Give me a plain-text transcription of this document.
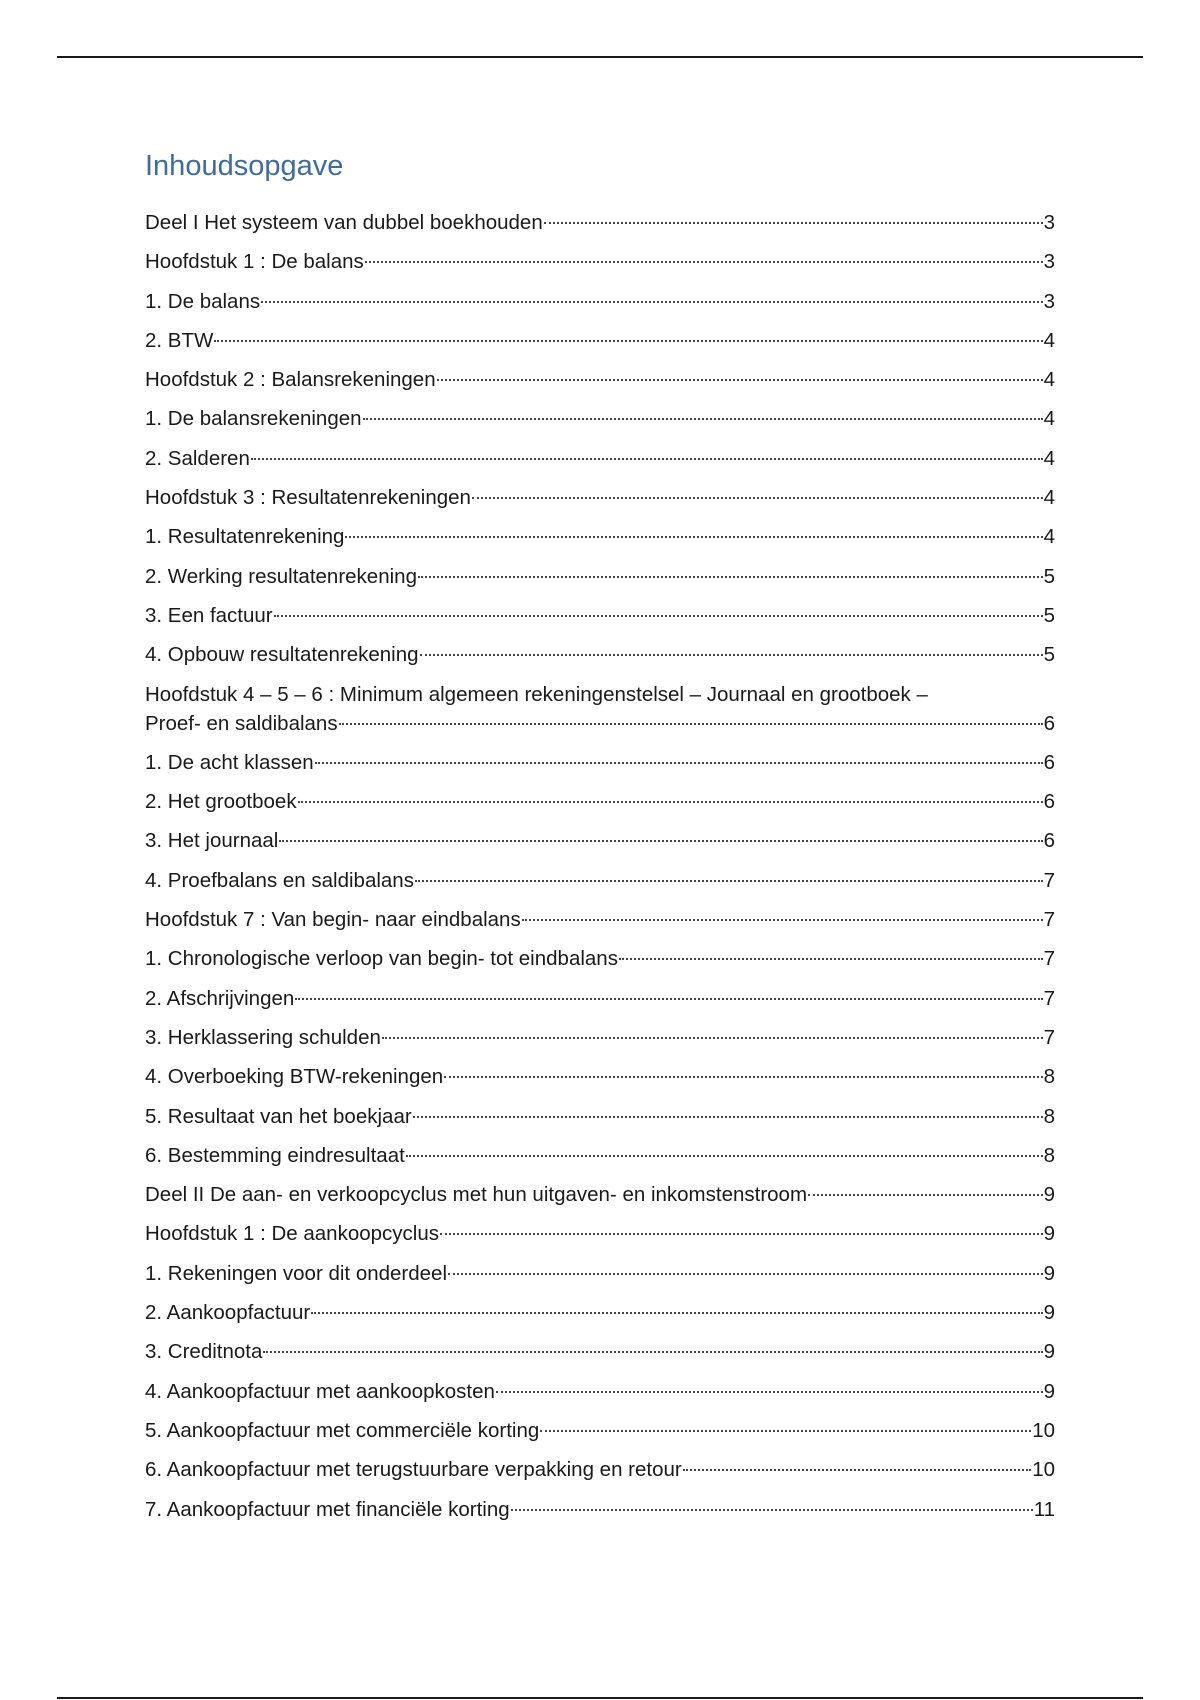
Inhoudsopgave
Deel I Het systeem van dubbel boekhouden	3
Hoofdstuk 1 : De balans	3
1. De balans	3
2. BTW	4
Hoofdstuk 2 : Balansrekeningen	4
1. De balansrekeningen	4
2. Salderen	4
Hoofdstuk 3 : Resultatenrekeningen	4
1. Resultatenrekening	4
2. Werking resultatenrekening	5
3. Een factuur	5
4. Opbouw resultatenrekening	5
Hoofdstuk 4 – 5 – 6 : Minimum algemeen rekeningenstelsel – Journaal en grootboek –
Proef- en saldibalans	6
1. De acht klassen	6
2. Het grootboek	6
3. Het journaal	6
4. Proefbalans en saldibalans	7
Hoofdstuk 7 : Van begin- naar eindbalans	7
1. Chronologische verloop van begin- tot eindbalans	7
2. Afschrijvingen	7
3. Herklassering schulden	7
4. Overboeking BTW-rekeningen	8
5. Resultaat van het boekjaar	8
6. Bestemming eindresultaat	8
Deel II De aan- en verkoopcyclus met hun uitgaven- en inkomstenstroom	9
Hoofdstuk 1 : De aankoopcyclus	9
1. Rekeningen voor dit onderdeel	9
2. Aankoopfactuur	9
3. Creditnota	9
4. Aankoopfactuur met aankoopkosten	9
5. Aankoopfactuur met commerciële korting	10
6. Aankoopfactuur met terugstuurbare verpakking en retour	10
7. Aankoopfactuur met financiële korting	11
